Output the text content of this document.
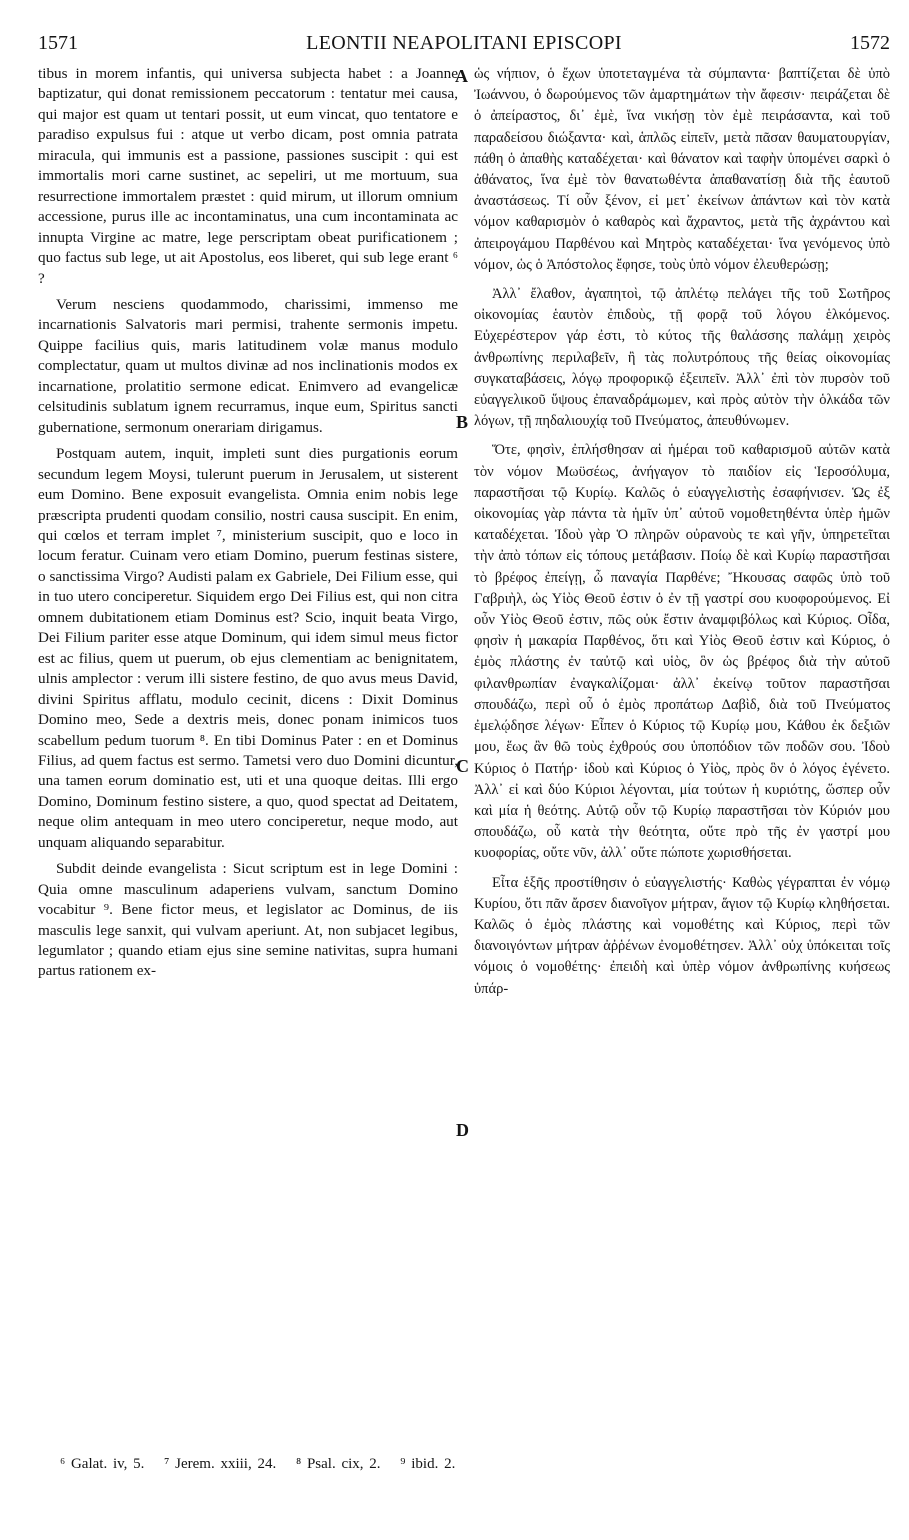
1571	LEONTII NEAPOLITANI EPISCOPI	1572

tibus in morem infantis, qui universa subjecta habet : a Joanne baptizatur, qui donat remissionem peccatorum : tentatur mei causa, qui major est quam ut tentari possit, ut eum vincat, quo tentatore e paradiso expulsus fui : atque ut verbo dicam, post omnia patrata miracula, qui immunis est a passione, passiones suscipit : qui est immortalis mori carne sustinet, ac sepeliri, ut me mortuum, sua resurrectione immortalem præstet : quid mirum, ut illorum omnium accessione, purus ille ac incontaminatus, una cum incontaminata ac innupta Virgine ac matre, lege perscriptam obeat purificationem ; quo factus sub lege, ut ait Apostolus, eos liberet, qui sub lege erant ⁶ ?

Verum nesciens quodammodo, charissimi, immenso me incarnationis Salvatoris mari permisi, trahente sermonis impetu. Quippe facilius quis, maris latitudinem volæ manus modulo complectatur, quam ut multos divinæ ad nos inclinationis modos ex incarnatione, prolatitio sermone edicat. Enimvero ad evangelicæ celsitudinis sublatum ignem recurramus, inque eum, Spiritus sancti gubernatione, sermonum onerariam dirigamus.

Postquam autem, inquit, impleti sunt dies purgationis eorum secundum legem Moysi, tulerunt puerum in Jerusalem, ut sisterent eum Domino. Bene exposuit evangelista. Omnia enim nobis lege præscripta prudenti quodam consilio, nostri causa suscipit. En enim, qui cœlos et terram implet ⁷, ministerium suscipit, quo e loco in locum feratur. Cuinam vero etiam Domino, puerum festinas sistere, o sanctissima Virgo? Audisti palam ex Gabriele, Dei Filium esse, qui in tuo utero conciperetur. Siquidem ergo Dei Filius est, qui non citra omnem dubitationem etiam Dominus est? Scio, inquit beata Virgo, Dei Filium pariter esse atque Dominum, qui idem simul meus fictor est ac filius, quem ut puerum, ob ejus clementiam ac benignitatem, ulnis amplector : verum illi sistere festino, de quo avus meus David, divini Spiritus afflatu, modulo cecinit, dicens : Dixit Dominus Domino meo, Sede a dextris meis, donec ponam inimicos tuos scabellum pedum tuorum ⁸. En tibi Dominus Pater : en et Dominus Filius, ad quem factus est sermo. Tametsi vero duo Domini dicuntur, una tamen eorum dominatio est, uti et una quoque deitas. Illi ergo Domino, Dominum festino sistere, a quo, quod spectat ad Deitatem, neque olim antequam in meo utero conciperetur, neque modo, aut unquam aliquando separabitur.

Subdit deinde evangelista : Sicut scriptum est in lege Domini : Quia omne masculinum adaperiens vulvam, sanctum Domino vocabitur ⁹. Bene fictor meus, et legislator ac Dominus, de iis masculis lege sanxit, qui vulvam aperiunt. At, non subjacet legibus, legumlator ; quando etiam ejus sine semine nativitas, supra humani partus rationem ex-

A
B
C
D

ὡς νήπιον, ὁ ἔχων ὑποτεταγμένα τὰ σύμπαντα· βαπτίζεται δὲ ὑπὸ Ἰωάννου, ὁ δωρούμενος τῶν ἁμαρτημάτων τὴν ἄφεσιν· πειράζεται δὲ ὁ ἀπείραστος, δι᾽ ἐμὲ, ἵνα νικήσῃ τὸν ἐμὲ πειράσαντα, καὶ τοῦ παραδείσου διώξαντα· καὶ, ἁπλῶς εἰπεῖν, μετὰ πᾶσαν θαυματουργίαν, πάθη ὁ ἀπαθὴς καταδέχεται· καὶ θάνατον καὶ ταφὴν ὑπομένει σαρκὶ ὁ ἀθάνατος, ἵνα ἐμὲ τὸν θανατωθέντα ἀπαθανατίσῃ διὰ τῆς ἑαυτοῦ ἀναστάσεως. Τί οὖν ξένον, εἰ μετ᾽ ἐκείνων ἁπάντων καὶ τὸν κατὰ νόμον καθαρισμὸν ὁ καθαρὸς καὶ ἄχραντος, μετὰ τῆς ἀχράντου καὶ ἀπειρογάμου Παρθένου καὶ Μητρὸς καταδέχεται· ἵνα γενόμενος ὑπὸ νόμον, ὡς ὁ Ἀπόστολος ἔφησε, τοὺς ὑπὸ νόμον ἐλευθερώσῃ;

Ἀλλ᾽ ἔλαθον, ἀγαπητοὶ, τῷ ἀπλέτῳ πελάγει τῆς τοῦ Σωτῆρος οἰκονομίας ἑαυτὸν ἐπιδοὺς, τῇ φορᾷ τοῦ λόγου ἑλκόμενος. Εὐχερέστερον γάρ ἐστι, τὸ κύτος τῆς θαλάσσης παλάμῃ χειρὸς ἀνθρωπίνης περιλαβεῖν, ἢ τὰς πολυτρόπους τῆς θείας οἰκονομίας συγκαταβάσεις, λόγῳ προφορικῷ ἐξειπεῖν. Ἀλλ᾽ ἐπὶ τὸν πυρσὸν τοῦ εὐαγγελικοῦ ὕψους ἐπαναδράμωμεν, καὶ πρὸς αὐτὸν τὴν ὁλκάδα τῶν λόγων, τῇ πηδαλιουχίᾳ τοῦ Πνεύματος, ἀπευθύνωμεν.

Ὅτε, φησὶν, ἐπλήσθησαν αἱ ἡμέραι τοῦ καθαρισμοῦ αὐτῶν κατὰ τὸν νόμον Μωϋσέως, ἀνήγαγον τὸ παιδίον εἰς Ἱεροσόλυμα, παραστῆσαι τῷ Κυρίῳ. Καλῶς ὁ εὐαγγελιστὴς ἐσαφήνισεν. Ὡς ἐξ οἰκονομίας γὰρ πάντα τὰ ἡμῖν ὑπ᾽ αὐτοῦ νομοθετηθέντα ὑπὲρ ἡμῶν καταδέχεται. Ἰδοὺ γὰρ Ὁ πληρῶν οὐρανοὺς τε καὶ γῆν, ὑπηρετεῖται τὴν ἀπὸ τόπων εἰς τόπους μετάβασιν. Ποίῳ δὲ καὶ Κυρίῳ παραστῆσαι τὸ βρέφος ἐπείγῃ, ὦ παναγία Παρθένε; Ἤκουσας σαφῶς ὑπὸ τοῦ Γαβριὴλ, ὡς Υἱὸς Θεοῦ ἐστιν ὁ ἐν τῇ γαστρί σου κυοφορούμενος. Εἰ οὖν Υἱὸς Θεοῦ ἐστιν, πῶς οὐκ ἔστιν ἀναμφιβόλως καὶ Κύριος. Οἶδα, φησὶν ἡ μακαρία Παρθένος, ὅτι καὶ Υἱὸς Θεοῦ ἐστιν καὶ Κύριος, ὁ ἐμὸς πλάστης ἐν ταὐτῷ καὶ υἱὸς, ὃν ὡς βρέφος διὰ τὴν αὐτοῦ φιλανθρωπίαν ἐναγκαλίζομαι· ἀλλ᾽ ἐκείνῳ τοῦτον παραστῆσαι σπουδάζω, περὶ οὗ ὁ ἐμὸς προπάτωρ Δαβὶδ, διὰ τοῦ Πνεύματος ἐμελῴδησε λέγων· Εἶπεν ὁ Κύριος τῷ Κυρίῳ μου, Κάθου ἐκ δεξιῶν μου, ἕως ἂν θῶ τοὺς ἐχθρούς σου ὑποπόδιον τῶν ποδῶν σου. Ἰδοὺ Κύριος ὁ Πατήρ· ἰδοὺ καὶ Κύριος ὁ Υἱὸς, πρὸς ὃν ὁ λόγος ἐγένετο. Ἀλλ᾽ εἰ καὶ δύο Κύριοι λέγονται, μία τούτων ἡ κυριότης, ὥσπερ οὖν καὶ μία ἡ θεότης. Αὐτῷ οὖν τῷ Κυρίῳ παραστῆσαι τὸν Κύριόν μου σπουδάζω, οὗ κατὰ τὴν θεότητα, οὔτε πρὸ τῆς ἐν γαστρί μου κυοφορίας, οὔτε νῦν, ἀλλ᾽ οὔτε πώποτε χωρισθήσεται.

Εἶτα ἑξῆς προστίθησιν ὁ εὐαγγελιστής· Καθὼς γέγραπται ἐν νόμῳ Κυρίου, ὅτι πᾶν ἄρσεν διανοῖγον μήτραν, ἅγιον τῷ Κυρίῳ κληθήσεται. Καλῶς ὁ ἐμὸς πλάστης καὶ νομοθέτης καὶ Κύριος, περὶ τῶν διανοιγόντων μήτραν ἀῤῥένων ἐνομοθέτησεν. Ἀλλ᾽ οὐχ ὑπόκειται τοῖς νόμοις ὁ νομοθέτης· ἐπειδὴ καὶ ὑπὲρ νόμον ἀνθρωπίνης κυήσεως ὑπάρ-

⁶ Galat. iv, 5. ⁷ Jerem. xxiii, 24. ⁸ Psal. cix, 2. ⁹ ibid. 2.
